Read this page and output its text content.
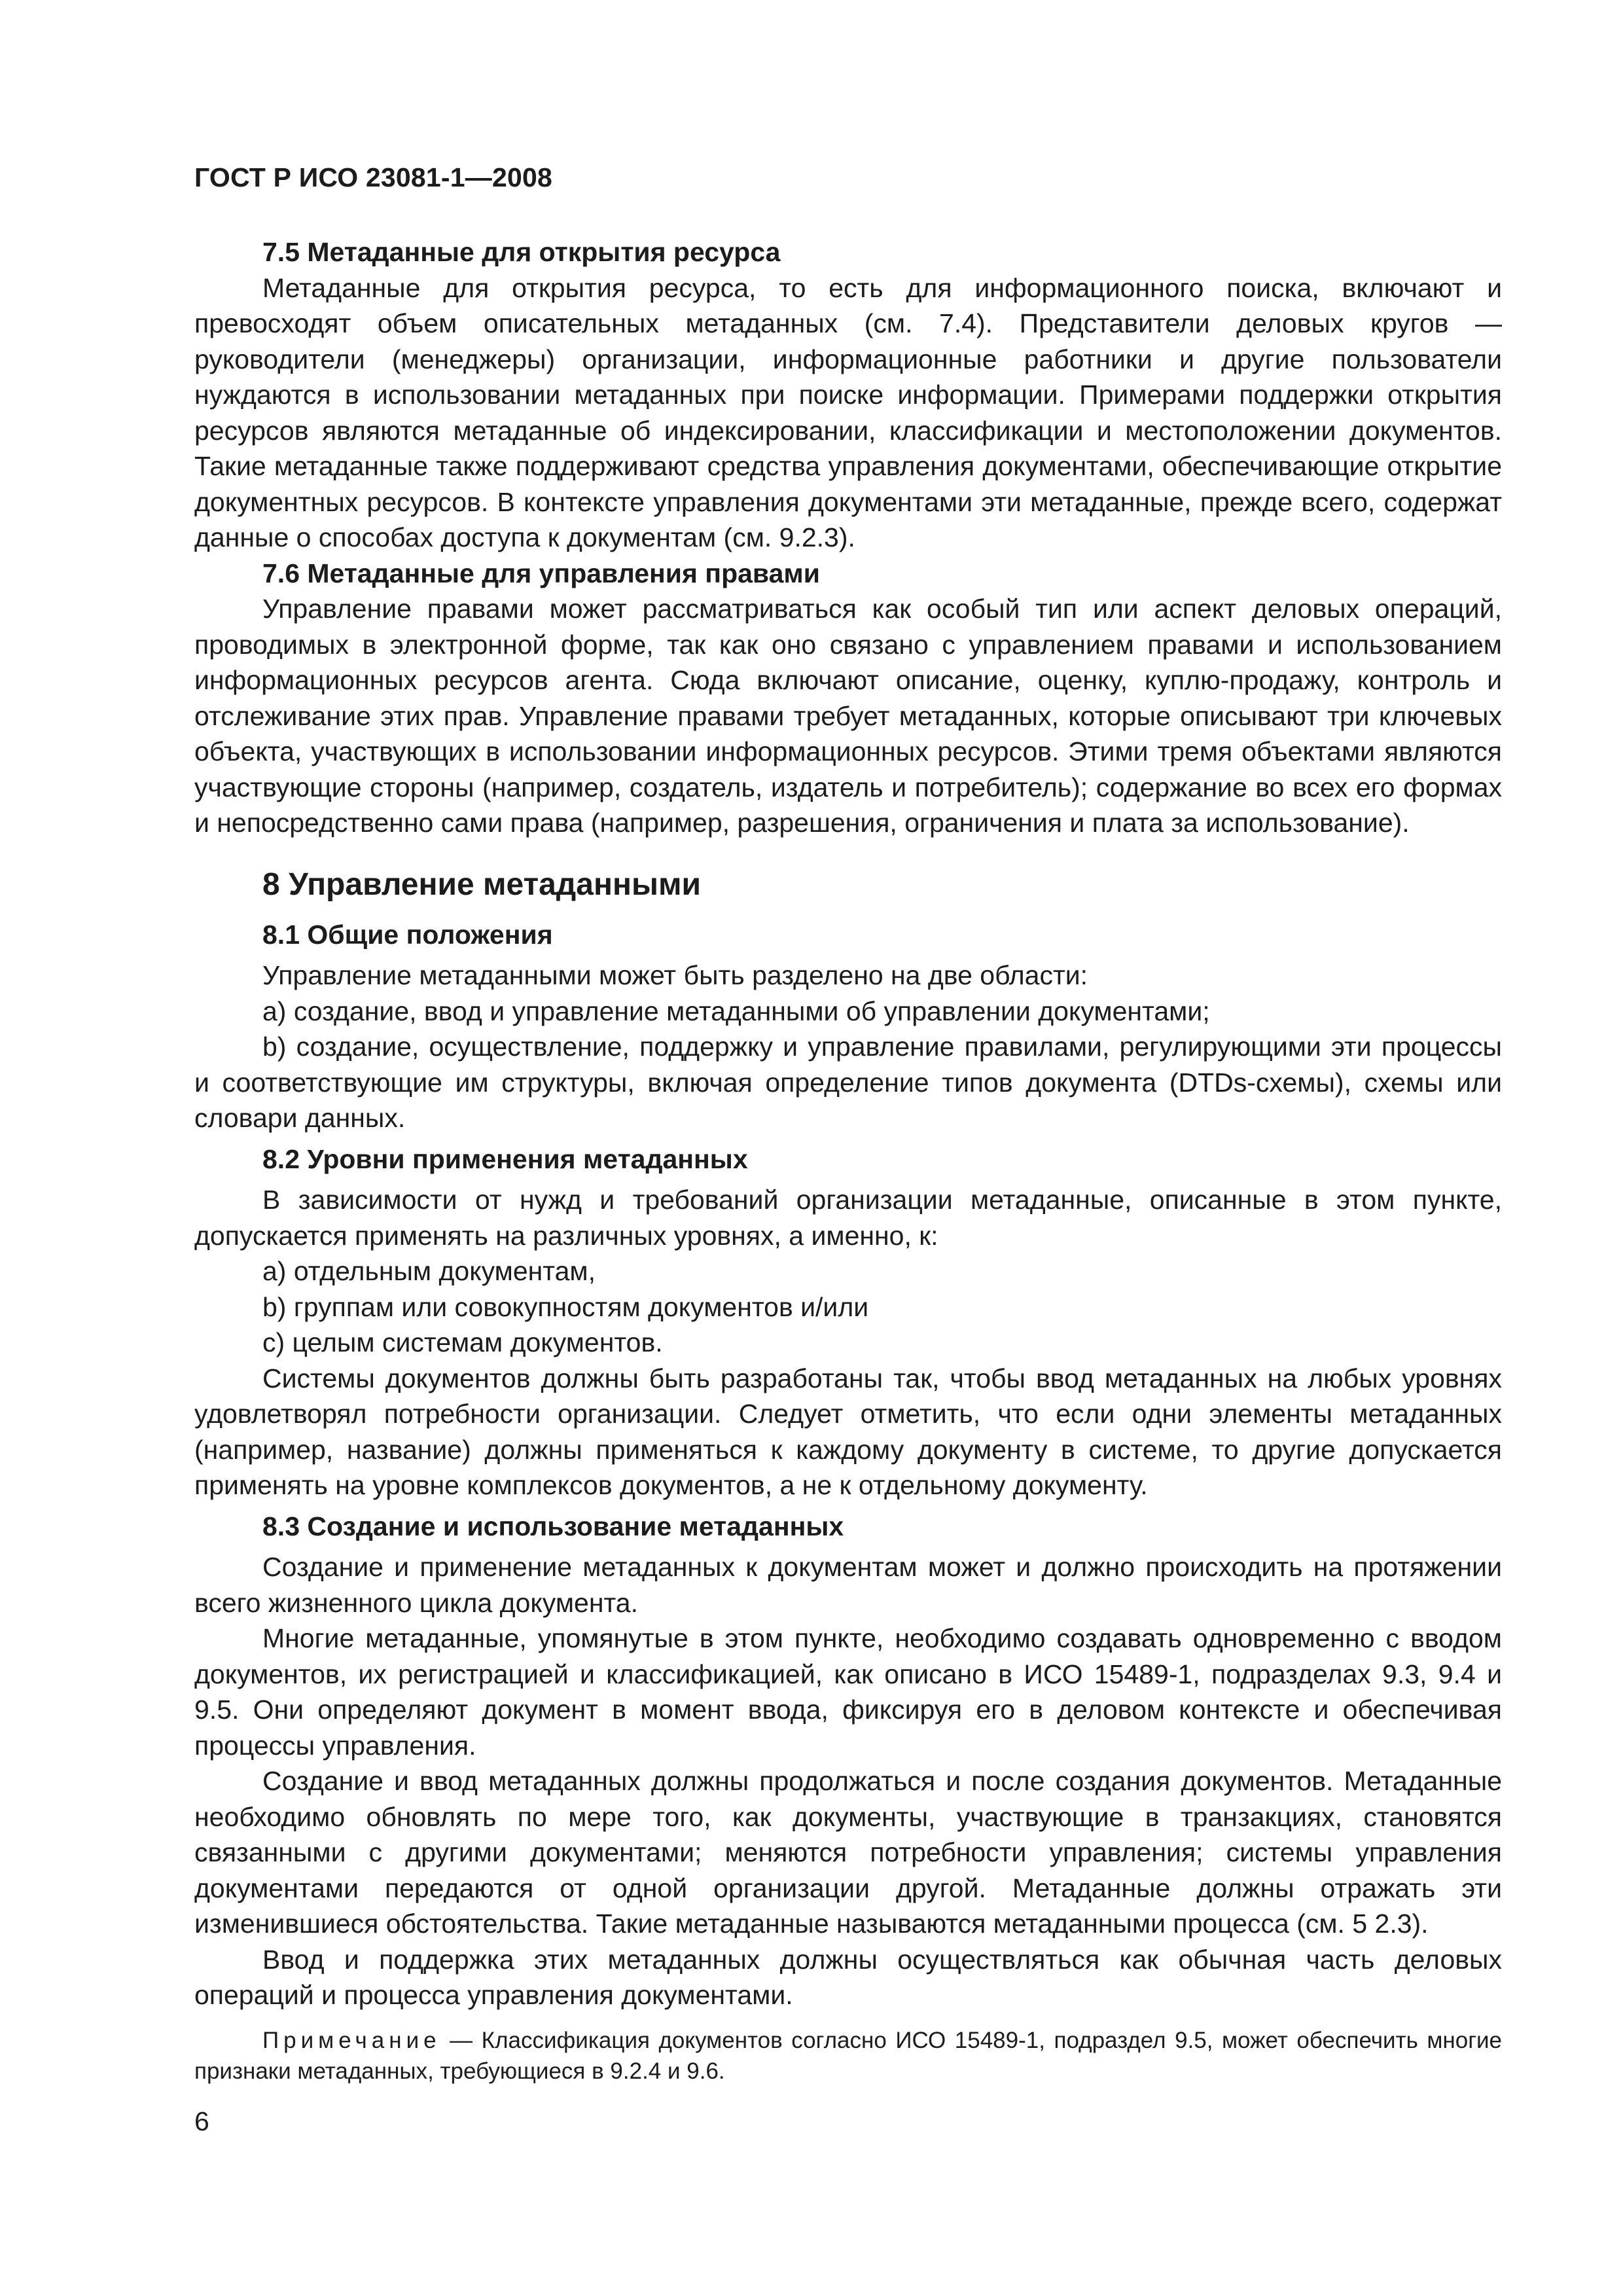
ГОСТ Р ИСО 23081-1—2008

7.5 Метаданные для открытия ресурса

Метаданные для открытия ресурса, то есть для информационного поиска, включают и превосходят объем описательных метаданных (см. 7.4). Представители деловых кругов — руководители (менеджеры) организации, информационные работники и другие пользователи нуждаются в использовании метаданных при поиске информации. Примерами поддержки открытия ресурсов являются метаданные об индексировании, классификации и местоположении документов. Такие метаданные также поддерживают средства управления документами, обеспечивающие открытие документных ресурсов. В контексте управления документами эти метаданные, прежде всего, содержат данные о способах доступа к документам (см. 9.2.3).

7.6 Метаданные для управления правами

Управление правами может рассматриваться как особый тип или аспект деловых операций, проводимых в электронной форме, так как оно связано с управлением правами и использованием информационных ресурсов агента. Сюда включают описание, оценку, куплю-продажу, контроль и отслеживание этих прав. Управление правами требует метаданных, которые описывают три ключевых объекта, участвующих в использовании информационных ресурсов. Этими тремя объектами являются участвующие стороны (например, создатель, издатель и потребитель); содержание во всех его формах и непосредственно сами права (например, разрешения, ограничения и плата за использование).

8 Управление метаданными

8.1 Общие положения

Управление метаданными может быть разделено на две области:

а) создание, ввод и управление метаданными об управлении документами;

b) создание, осуществление, поддержку и управление правилами, регулирующими эти процессы и соответствующие им структуры, включая определение типов документа (DTDs-схемы), схемы или словари данных.

8.2 Уровни применения метаданных

В зависимости от нужд и требований организации метаданные, описанные в этом пункте, допускается применять на различных уровнях, а именно, к:

а) отдельным документам,

b) группам или совокупностям документов и/или

с) целым системам документов.

Системы документов должны быть разработаны так, чтобы ввод метаданных на любых уровнях удовлетворял потребности организации. Следует отметить, что если одни элементы метаданных (например, название) должны применяться к каждому документу в системе, то другие допускается применять на уровне комплексов документов, а не к отдельному документу.

8.3 Создание и использование метаданных

Создание и применение метаданных к документам может и должно происходить на протяжении всего жизненного цикла документа.

Многие метаданные, упомянутые в этом пункте, необходимо создавать одновременно с вводом документов, их регистрацией и классификацией, как описано в ИСО 15489-1, подразделах 9.3, 9.4 и 9.5. Они определяют документ в момент ввода, фиксируя его в деловом контексте и обеспечивая процессы управления.

Создание и ввод метаданных должны продолжаться и после создания документов. Метаданные необходимо обновлять по мере того, как документы, участвующие в транзакциях, становятся связанными с другими документами; меняются потребности управления; системы управления документами передаются от одной организации другой. Метаданные должны отражать эти изменившиеся обстоятельства. Такие метаданные называются метаданными процесса (см. 5 2.3).

Ввод и поддержка этих метаданных должны осуществляться как обычная часть деловых операций и процесса управления документами.

Примечание — Классификация документов согласно ИСО 15489-1, подраздел 9.5, может обеспечить многие признаки метаданных, требующиеся в 9.2.4 и 9.6.

6
